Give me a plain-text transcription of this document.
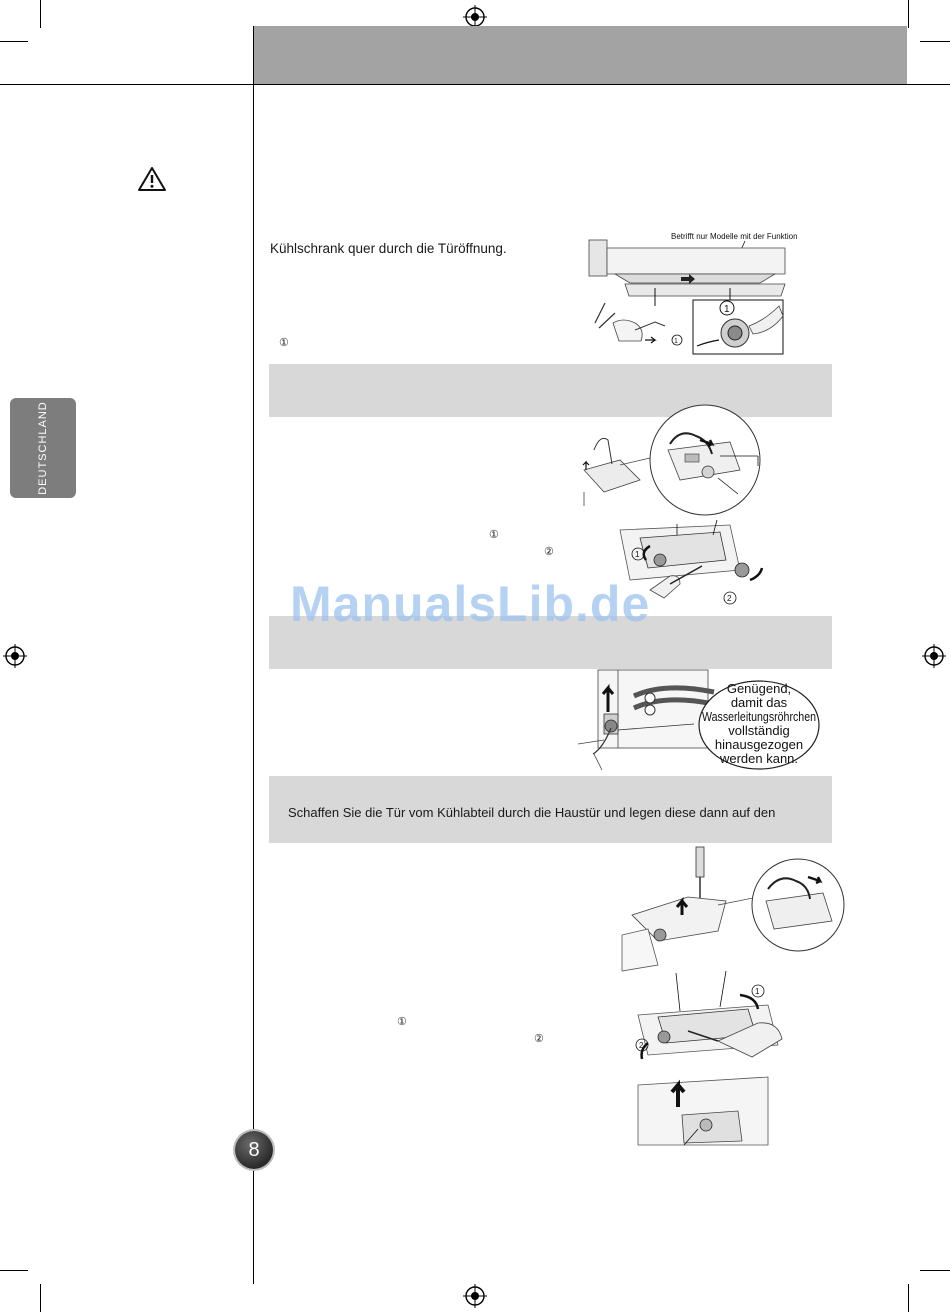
DEUTSCHLAND
Kühlschrank quer durch die Türöffnung.
①
Betrifft nur Modelle mit der Funktion
1
1
①
②	1
2
ManualsLib.de
Genügend,
damit das
Wasserleitungsröhrchen
vollständig
hinausgezogen
werden kann.
Schaffen Sie die Tür vom Kühlabteil durch die Haustür und legen diese dann auf den
①
②
1
2
8
